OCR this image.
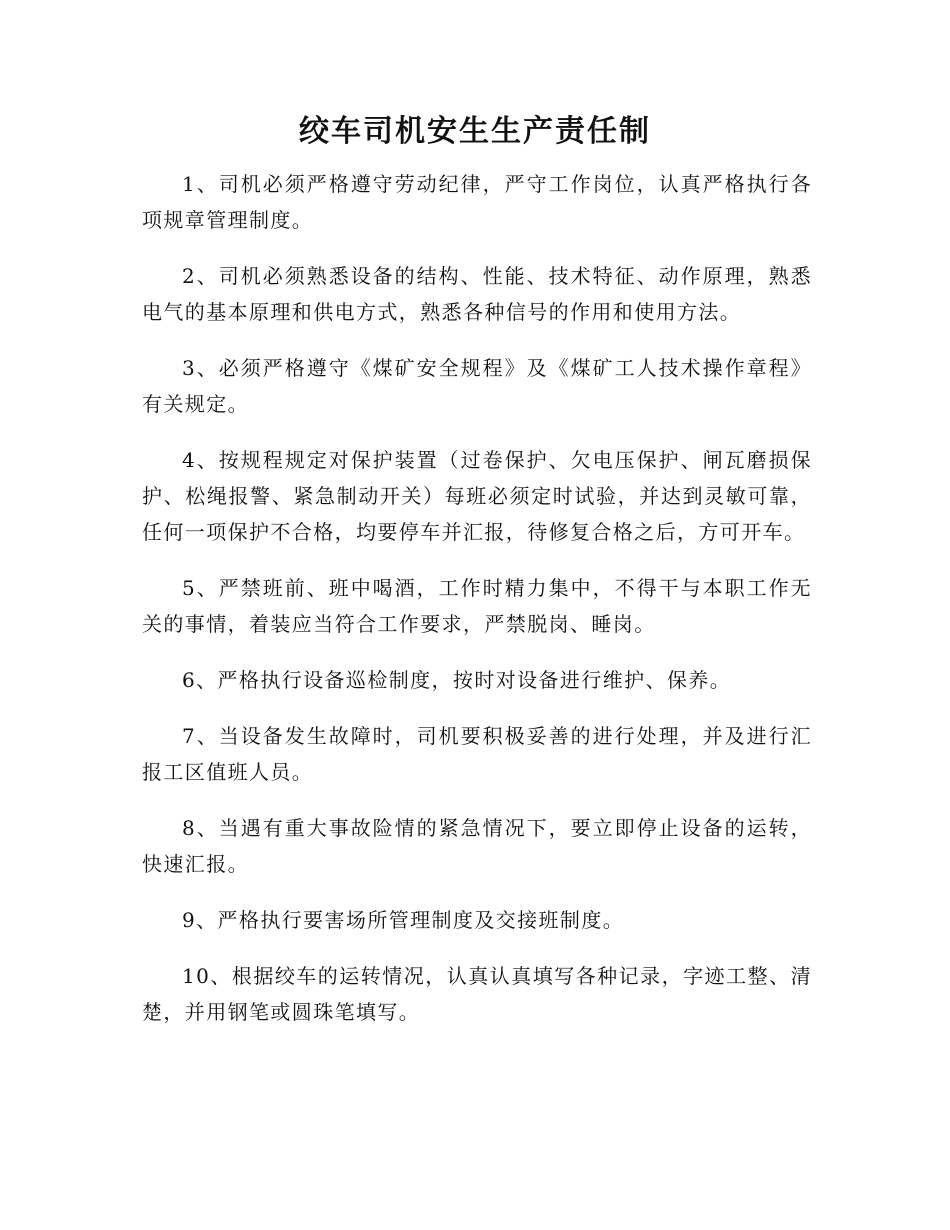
绞车司机安生生产责任制

1、司机必须严格遵守劳动纪律，严守工作岗位，认真严格执行各项规章管理制度。

2、司机必须熟悉设备的结构、性能、技术特征、动作原理，熟悉电气的基本原理和供电方式，熟悉各种信号的作用和使用方法。

3、必须严格遵守《煤矿安全规程》及《煤矿工人技术操作章程》有关规定。

4、按规程规定对保护装置（过卷保护、欠电压保护、闸瓦磨损保护、松绳报警、紧急制动开关）每班必须定时试验，并达到灵敏可靠，任何一项保护不合格，均要停车并汇报，待修复合格之后，方可开车。

5、严禁班前、班中喝酒，工作时精力集中，不得干与本职工作无关的事情，着装应当符合工作要求，严禁脱岗、睡岗。

6、严格执行设备巡检制度，按时对设备进行维护、保养。

7、当设备发生故障时，司机要积极妥善的进行处理，并及进行汇报工区值班人员。

8、当遇有重大事故险情的紧急情况下，要立即停止设备的运转，快速汇报。

9、严格执行要害场所管理制度及交接班制度。

10、根据绞车的运转情况，认真认真填写各种记录，字迹工整、清楚，并用钢笔或圆珠笔填写。
